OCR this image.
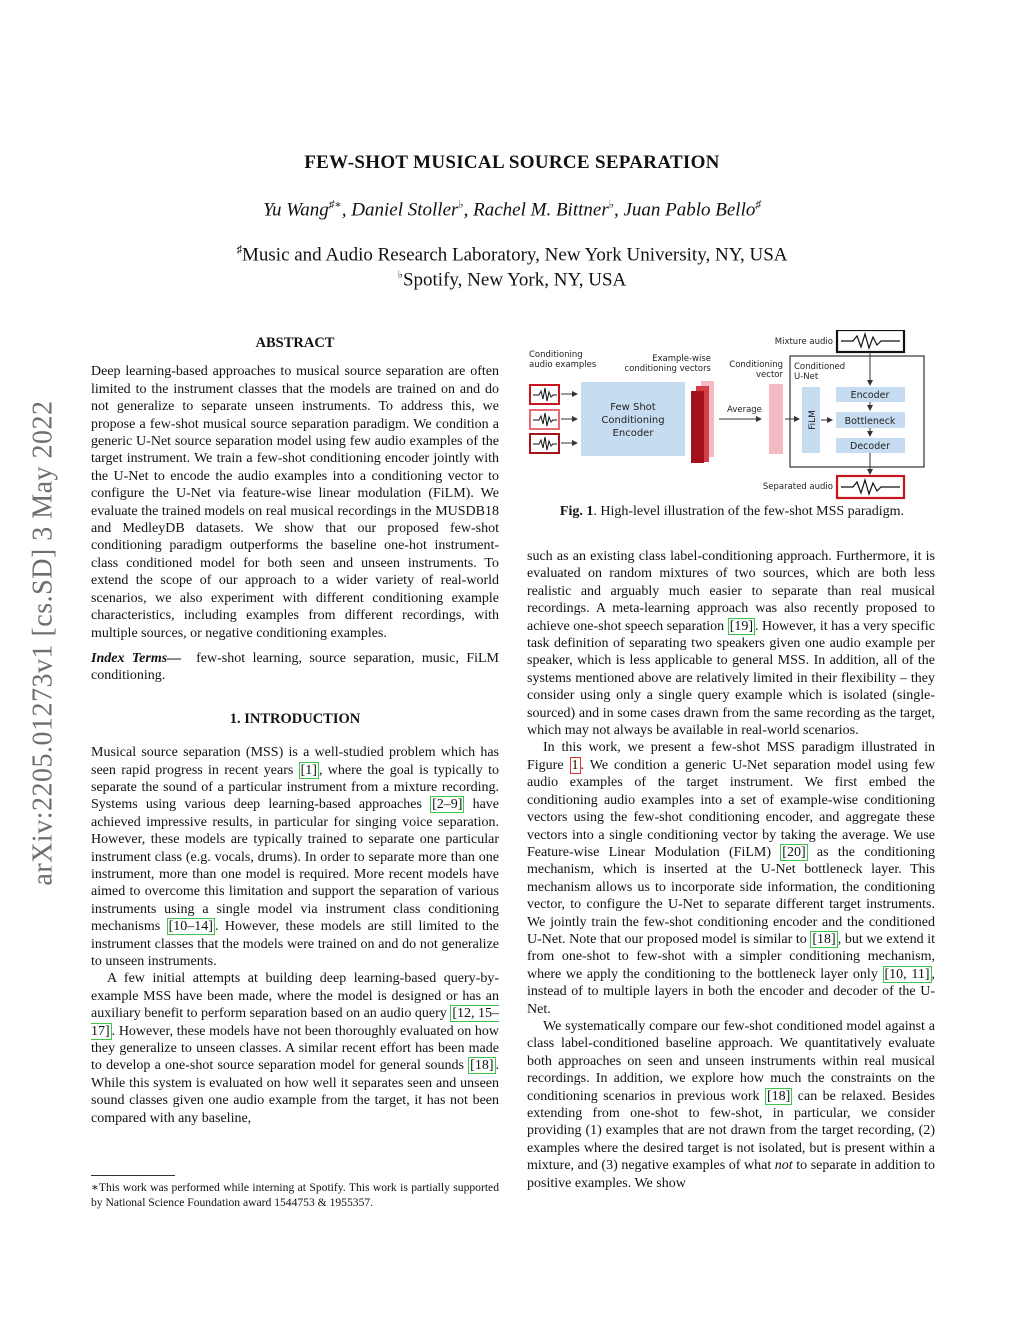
arXiv:2205.01273v1 [cs.SD] 3 May 2022
FEW-SHOT MUSICAL SOURCE SEPARATION
Yu Wang♯∗, Daniel Stoller♭, Rachel M. Bittner♭, Juan Pablo Bello♯
♯Music and Audio Research Laboratory, New York University, NY, USA
♭Spotify, New York, NY, USA

ABSTRACT

Deep learning-based approaches to musical source separation are often limited to the instrument classes that the models are trained on and do not generalize to separate unseen instruments. To address this, we propose a few-shot musical source separation paradigm. We condition a generic U-Net source separation model using few audio examples of the target instrument. We train a few-shot conditioning encoder jointly with the U-Net to encode the audio examples into a conditioning vector to configure the U-Net via feature-wise linear modulation (FiLM). We evaluate the trained models on real musical recordings in the MUSDB18 and MedleyDB datasets. We show that our proposed few-shot conditioning paradigm outperforms the baseline one-hot instrument-class conditioned model for both seen and unseen instruments. To extend the scope of our approach to a wider variety of real-world scenarios, we also experiment with different conditioning example characteristics, including examples from different recordings, with multiple sources, or negative conditioning examples.

Index Terms— few-shot learning, source separation, music, FiLM conditioning.

1. INTRODUCTION

Musical source separation (MSS) is a well-studied problem which has seen rapid progress in recent years [1] , where the goal is typically to separate the sound of a particular instrument from a mixture recording. Systems using various deep learning-based approaches [2–9] have achieved impressive results, in particular for singing voice separation. However, these models are typically trained to separate one particular instrument class (e.g. vocals, drums). In order to separate more than one instrument, more than one model is required. More recent models have aimed to overcome this limitation and support the separation of various instruments using a single model via instrument class conditioning mechanisms [10–14] . However, these models are still limited to the instrument classes that the models were trained on and do not generalize to unseen instruments.

A few initial attempts at building deep learning-based query-by-example MSS have been made, where the model is designed or has an auxiliary benefit to perform separation based on an audio query [12, 15–17] . However, these models have not been thoroughly evaluated on how they generalize to unseen classes. A similar recent effort has been made to develop a one-shot source separation model for general sounds [18] . While this system is evaluated on how well it separates seen and unseen sound classes given one audio example from the target, it has not been compared with any baseline,

∗This work was performed while interning at Spotify. This work is partially supported by National Science Foundation award 1544753 & 1955357.
Conditioning
audio examples
Example-wise
conditioning vectors Conditioning
vector
Mixture audio
Conditioned
U-Net
Separated audio
Average
Few Shot
Conditioning
Encoder
FiLM
Encoder
Bottleneck
Decoder
Fig. 1. High-level illustration of the few-shot MSS paradigm.

such as an existing class label-conditioning approach. Furthermore, it is evaluated on random mixtures of two sources, which are both less realistic and arguably much easier to separate than real musical recordings. A meta-learning approach was also recently proposed to achieve one-shot speech separation [19] . However, it has a very specific task definition of separating two speakers given one audio example per speaker, which is less applicable to general MSS. In addition, all of the systems mentioned above are relatively limited in their flexibility – they consider using only a single query example which is isolated (single-sourced) and in some cases drawn from the same recording as the target, which may not always be available in real-world scenarios.

In this work, we present a few-shot MSS paradigm illustrated in Figure 1 . We condition a generic U-Net separation model using few audio examples of the target instrument. We first embed the conditioning audio examples into a set of example-wise conditioning vectors using the few-shot conditioning encoder, and aggregate these vectors into a single conditioning vector by taking the average. We use Feature-wise Linear Modulation (FiLM) [20] as the conditioning mechanism, which is inserted at the U-Net bottleneck layer. This mechanism allows us to incorporate side information, the conditioning vector, to configure the U-Net to separate different target instruments. We jointly train the few-shot conditioning encoder and the conditioned U-Net. Note that our proposed model is similar to [18] , but we extend it from one-shot to few-shot with a simpler conditioning mechanism, where we apply the conditioning to the bottleneck layer only [10, 11] , instead of to multiple layers in both the encoder and decoder of the U-Net.

We systematically compare our few-shot conditioned model against a class label-conditioned baseline approach. We quantitatively evaluate both approaches on seen and unseen instruments within real musical recordings. In addition, we explore how much the constraints on the conditioning scenarios in previous work [18] can be relaxed. Besides extending from one-shot to few-shot, in particular, we consider providing (1) examples that are not drawn from the target recording, (2) examples where the desired target is not isolated, but is present within a mixture, and (3) negative examples of what not to separate in addition to positive examples. We show
